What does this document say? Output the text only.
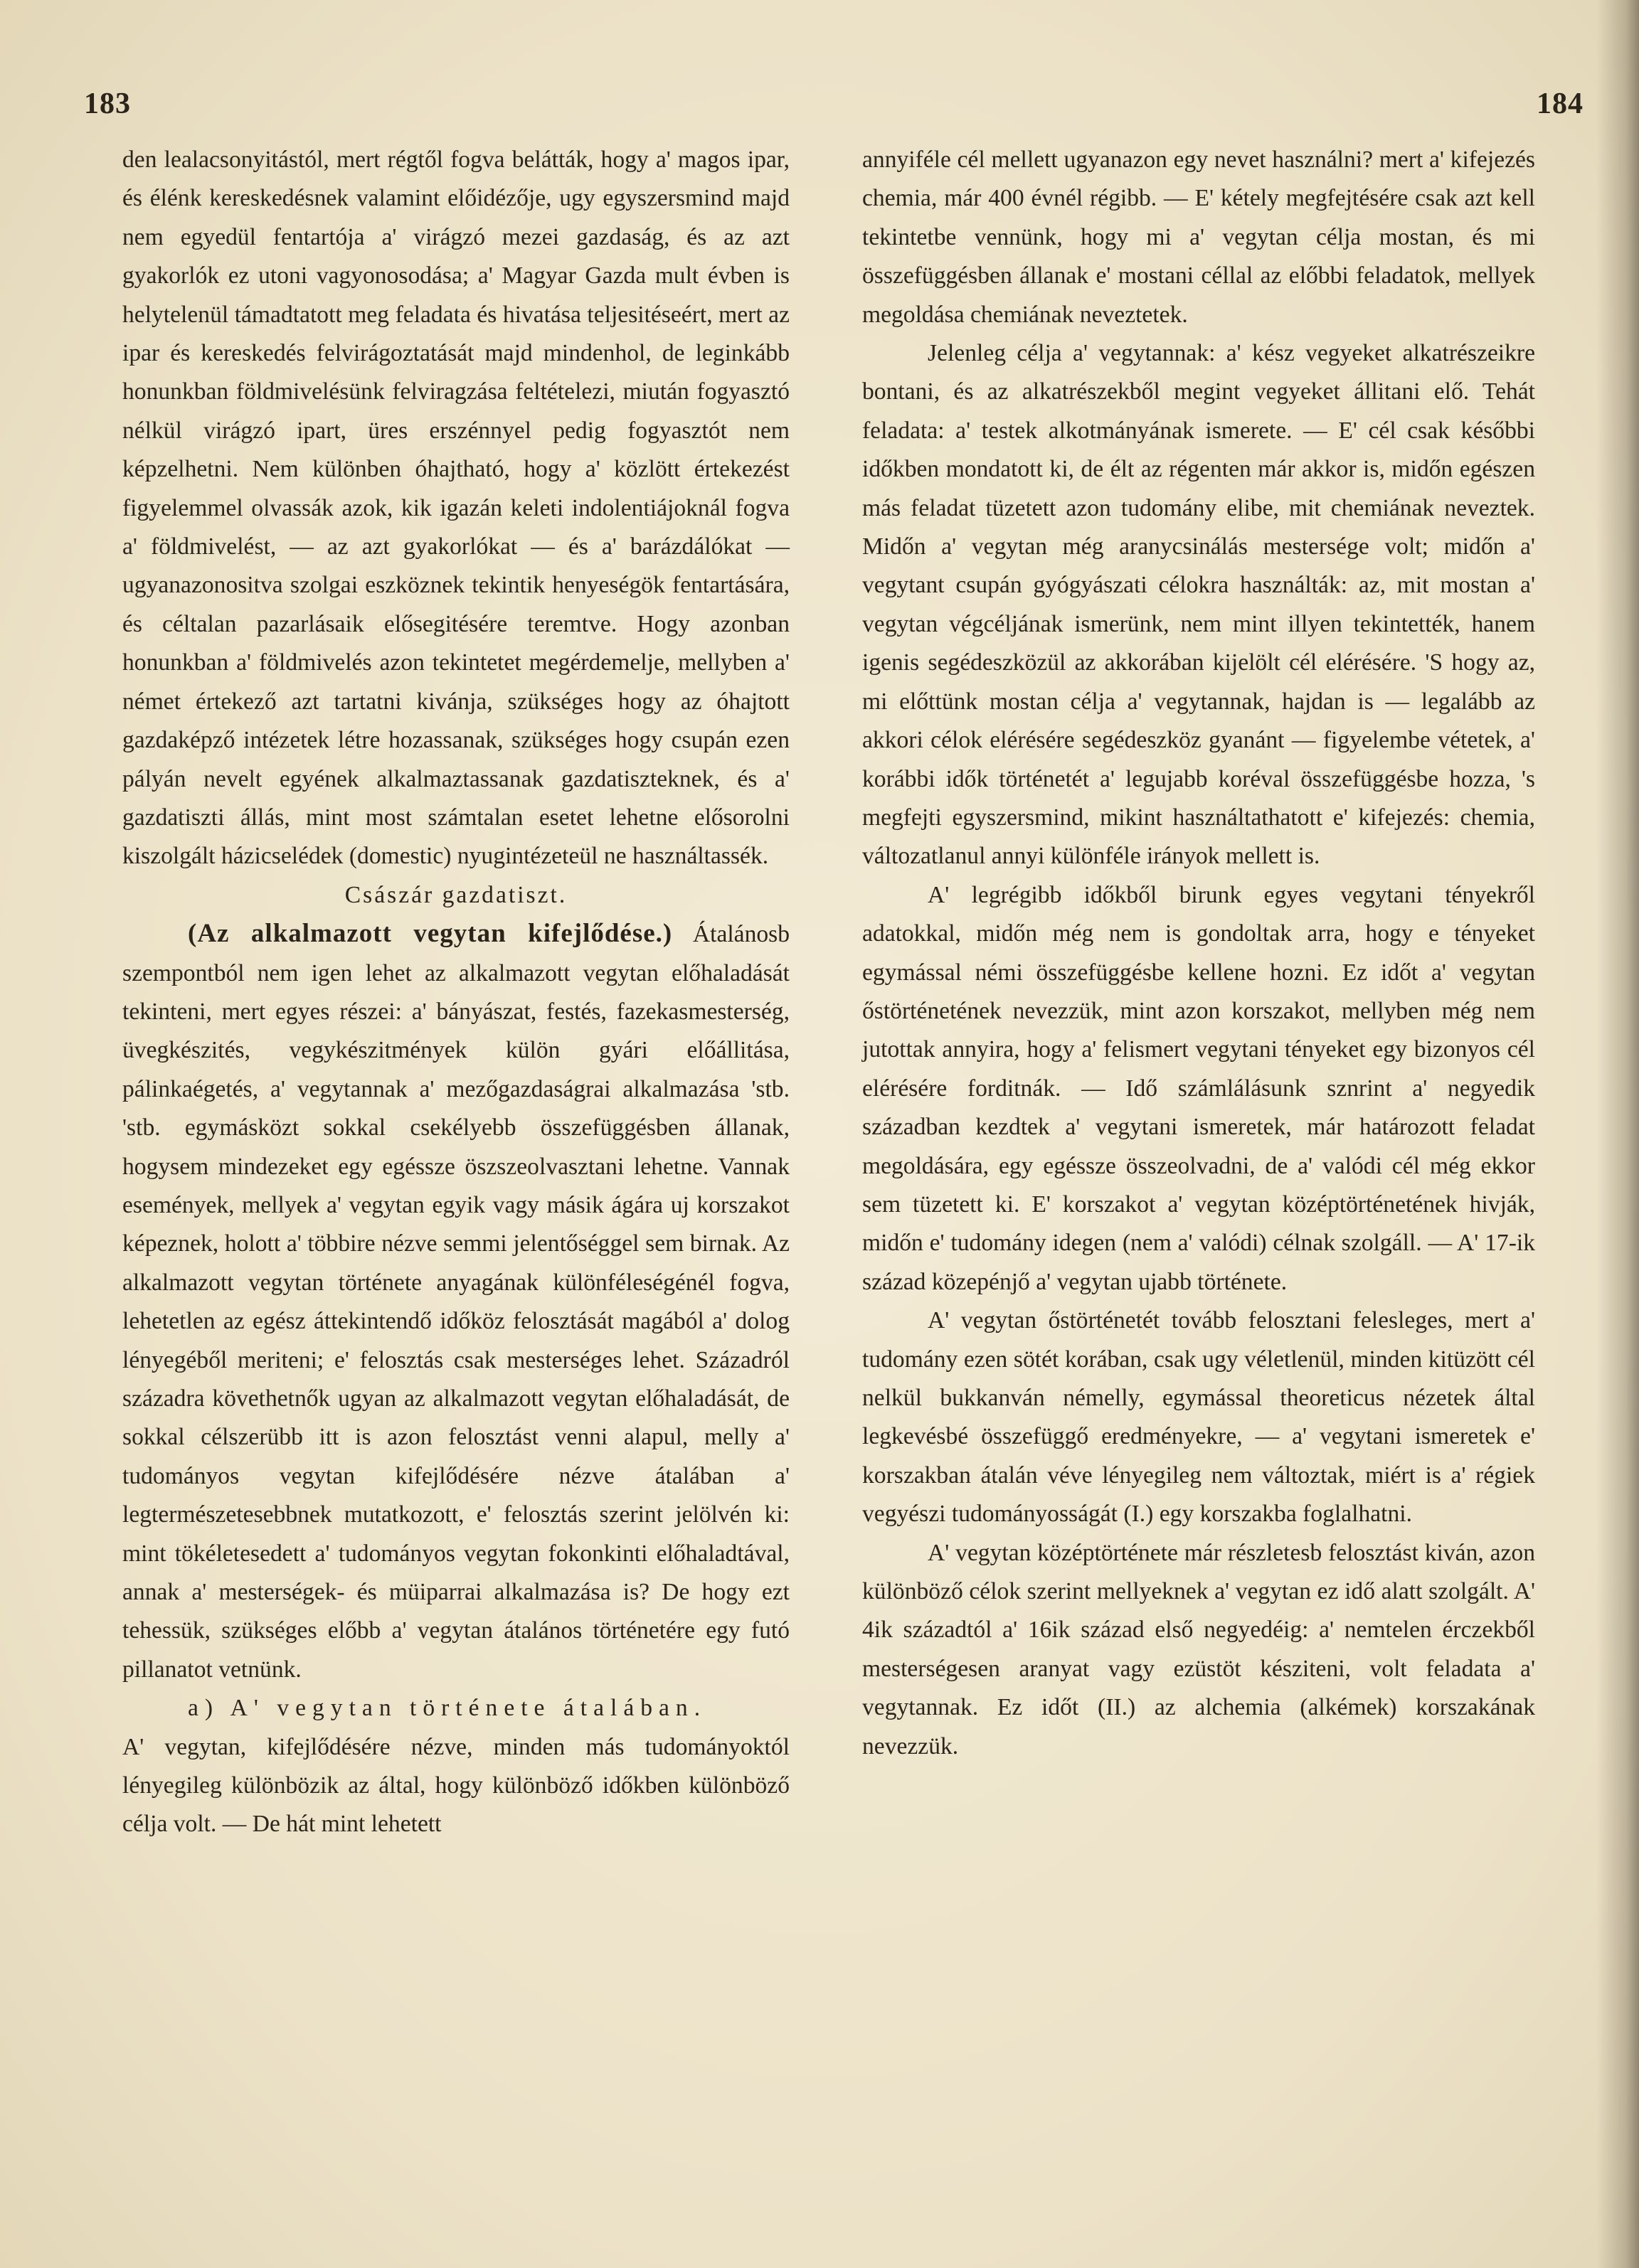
183	184

den lealacsonyitástól, mert régtől fogva belátták, hogy a' magos ipar, és élénk kereskedésnek valamint előidézője, ugy egyszersmind majd nem egyedül fentartója a' virágzó mezei gazdaság, és az azt gyakorlók ez utoni vagyonosodása; a' Magyar Gazda mult évben is helytelenül támadtatott meg feladata és hivatása teljesitéseért, mert az ipar és kereskedés felvirágoztatását majd mindenhol, de leginkább honunkban földmivelésünk felviragzása feltételezi, miután fogyasztó nélkül virágzó ipart, üres erszénnyel pedig fogyasztót nem képzelhetni. Nem különben óhajtható, hogy a' közlött értekezést figyelemmel olvassák azok, kik igazán keleti indolentiájoknál fogva a' földmivelést, — az azt gyakorlókat — és a' barázdálókat — ugyanazonositva szolgai eszköznek tekintik henyeségök fentartására, és céltalan pazarlásaik elősegitésére teremtve. Hogy azonban honunkban a' földmivelés azon tekintetet megérdemelje, mellyben a' német értekező azt tartatni kivánja, szükséges hogy az óhajtott gazdaképző intézetek létre hozassanak, szükséges hogy csupán ezen pályán nevelt egyének alkalmaztassanak gazdatiszteknek, és a' gazdatiszti állás, mint most számtalan esetet lehetne elősorolni kiszolgált házicselédek (domestic) nyugintézeteül ne használtassék.

Császár gazdatiszt.

(Az alkalmazott vegytan kifejlődése.) Átalánosb szempontból nem igen lehet az alkalmazott vegytan előhaladását tekinteni, mert egyes részei: a' bányászat, festés, fazekasmesterség, üvegkészités, vegykészitmények külön gyári előállitása, pálinkaégetés, a' vegytannak a' mezőgazdaságrai alkalmazása 'stb. 'stb. egymásközt sokkal csekélyebb összefüggésben állanak, hogysem mindezeket egy egéssze öszszeolvasztani lehetne. Vannak események, mellyek a' vegytan egyik vagy másik ágára uj korszakot képeznek, holott a' többire nézve semmi jelentőséggel sem birnak. Az alkalmazott vegytan története anyagának különféleségénél fogva, lehetetlen az egész áttekintendő időköz felosztását magából a' dolog lényegéből meriteni; e' felosztás csak mesterséges lehet. Századról századra követhetnők ugyan az alkalmazott vegytan előhaladását, de sokkal célszerübb itt is azon felosztást venni alapul, melly a' tudományos vegytan kifejlődésére nézve átalában a' legtermészetesebbnek mutatkozott, e' felosztás szerint jelölvén ki: mint tökéletesedett a' tudományos vegytan fokonkinti előhaladtával, annak a' mesterségek- és müiparrai alkalmazása is? De hogy ezt tehessük, szükséges előbb a' vegytan átalános történetére egy futó pillanatot vetnünk.

a) A' vegytan története átalában.

A' vegytan, kifejlődésére nézve, minden más tudományoktól lényegileg különbözik az által, hogy különböző időkben különböző célja volt. — De hát mint lehetett

annyiféle cél mellett ugyanazon egy nevet használni? mert a' kifejezés chemia, már 400 évnél régibb. — E' kétely megfejtésére csak azt kell tekintetbe vennünk, hogy mi a' vegytan célja mostan, és mi összefüggésben állanak e' mostani céllal az előbbi feladatok, mellyek megoldása chemiának neveztetek.

Jelenleg célja a' vegytannak: a' kész vegyeket alkatrészeikre bontani, és az alkatrészekből megint vegyeket állitani elő. Tehát feladata: a' testek alkotmányának ismerete. — E' cél csak későbbi időkben mondatott ki, de élt az régenten már akkor is, midőn egészen más feladat tüzetett azon tudomány elibe, mit chemiának neveztek. Midőn a' vegytan még aranycsinálás mestersége volt; midőn a' vegytant csupán gyógyászati célokra használták: az, mit mostan a' vegytan végcéljának ismerünk, nem mint illyen tekintették, hanem igenis segédeszközül az akkorában kijelölt cél elérésére. 'S hogy az, mi előttünk mostan célja a' vegytannak, hajdan is — legalább az akkori célok elérésére segédeszköz gyanánt — figyelembe vétetek, a' korábbi idők történetét a' legujabb koréval összefüggésbe hozza, 's megfejti egyszersmind, mikint használtathatott e' kifejezés: chemia, változatlanul annyi különféle irányok mellett is.

A' legrégibb időkből birunk egyes vegytani tényekről adatokkal, midőn még nem is gondoltak arra, hogy e tényeket egymással némi összefüggésbe kellene hozni. Ez időt a' vegytan őstörténetének nevezzük, mint azon korszakot, mellyben még nem jutottak annyira, hogy a' felismert vegytani tényeket egy bizonyos cél elérésére forditnák. — Idő számlálásunk sznrint a' negyedik században kezdtek a' vegytani ismeretek, már határozott feladat megoldására, egy egéssze összeolvadni, de a' valódi cél még ekkor sem tüzetett ki. E' korszakot a' vegytan középtörténetének hivják, midőn e' tudomány idegen (nem a' valódi) célnak szolgáll. — A' 17-ik század közepénjő a' vegytan ujabb története.

A' vegytan őstörténetét tovább felosztani felesleges, mert a' tudomány ezen sötét korában, csak ugy véletlenül, minden kitüzött cél nelkül bukkanván némelly, egymással theoreticus nézetek által legkevésbé összefüggő eredményekre, — a' vegytani ismeretek e' korszakban átalán véve lényegileg nem változtak, miért is a' régiek vegyészi tudományosságát (I.) egy korszakba foglalhatni.

A' vegytan középtörténete már részletesb felosztást kiván, azon különböző célok szerint mellyeknek a' vegytan ez idő alatt szolgált. A' 4ik századtól a' 16ik század első negyedéig: a' nemtelen érczekből mesterségesen aranyat vagy ezüstöt késziteni, volt feladata a' vegytannak. Ez időt (II.) az alchemia (alkémek) korszakának nevezzük.
